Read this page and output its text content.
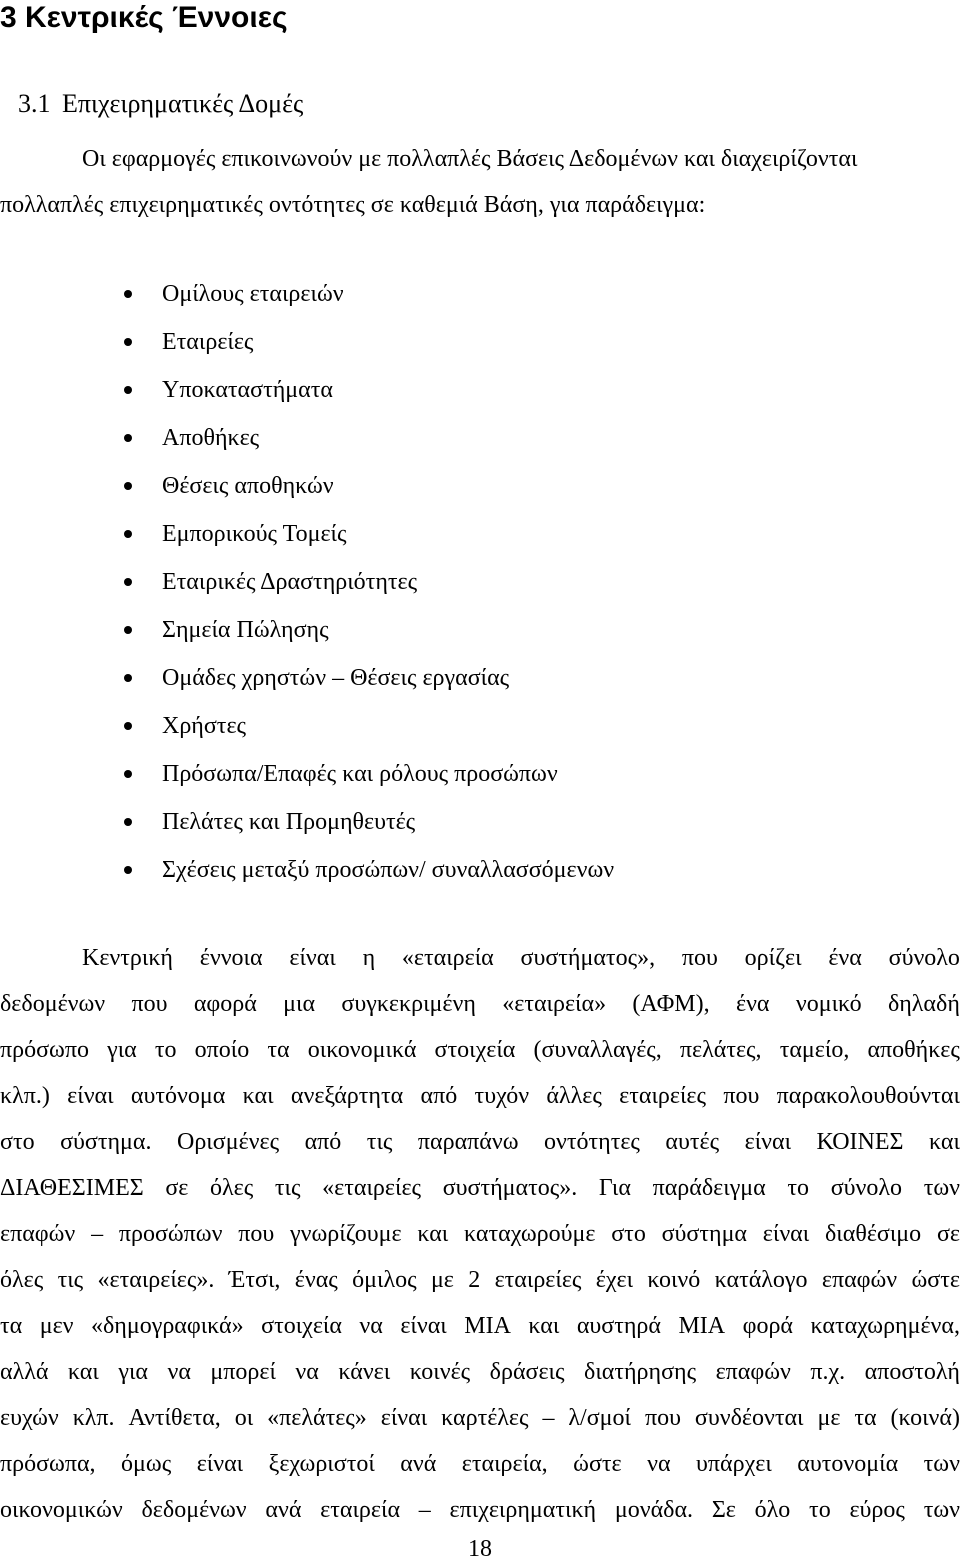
3 Κεντρικές Έννοιες
3.1 Επιχειρηματικές Δομές
Οι εφαρμογές επικοινωνούν με πολλαπλές Βάσεις Δεδομένων και διαχειρίζονται
πολλαπλές επιχειρηματικές οντότητες σε καθεμιά Βάση, για παράδειγμα:
Ομίλους εταιρειών
Εταιρείες
Υποκαταστήματα
Αποθήκες
Θέσεις αποθηκών
Εμπορικούς Τομείς
Εταιρικές Δραστηριότητες
Σημεία Πώλησης
Ομάδες χρηστών – Θέσεις εργασίας
Χρήστες
Πρόσωπα/Επαφές και ρόλους προσώπων
Πελάτες και Προμηθευτές
Σχέσεις μεταξύ προσώπων/ συναλλασσόμενων
Κεντρική έννοια είναι η «εταιρεία συστήματος», που ορίζει ένα σύνολο
δεδομένων που αφορά μια συγκεκριμένη «εταιρεία» (ΑΦΜ), ένα νομικό δηλαδή
πρόσωπο για το οποίο τα οικονομικά στοιχεία (συναλλαγές, πελάτες, ταμείο, αποθήκες
κλπ.) είναι αυτόνομα και ανεξάρτητα από τυχόν άλλες εταιρείες που παρακολουθούνται
στο σύστημα. Ορισμένες από τις παραπάνω οντότητες αυτές είναι ΚΟΙΝΕΣ και
ΔΙΑΘΕΣΙΜΕΣ σε όλες τις «εταιρείες συστήματος». Για παράδειγμα το σύνολο των
επαφών – προσώπων που γνωρίζουμε και καταχωρούμε στο σύστημα είναι διαθέσιμο σε
όλες τις «εταιρείες». Έτσι, ένας όμιλος με 2 εταιρείες έχει κοινό κατάλογο επαφών ώστε
τα μεν «δημογραφικά» στοιχεία να είναι ΜΙΑ και αυστηρά ΜΙΑ φορά καταχωρημένα,
αλλά και για να μπορεί να κάνει κοινές δράσεις διατήρησης επαφών π.χ. αποστολή
ευχών κλπ. Αντίθετα, οι «πελάτες» είναι καρτέλες – λ/σμοί που συνδέονται με τα (κοινά)
πρόσωπα, όμως είναι ξεχωριστοί ανά εταιρεία, ώστε να υπάρχει αυτονομία των
οικονομικών δεδομένων ανά εταιρεία – επιχειρηματική μονάδα. Σε όλο το εύρος των
18
